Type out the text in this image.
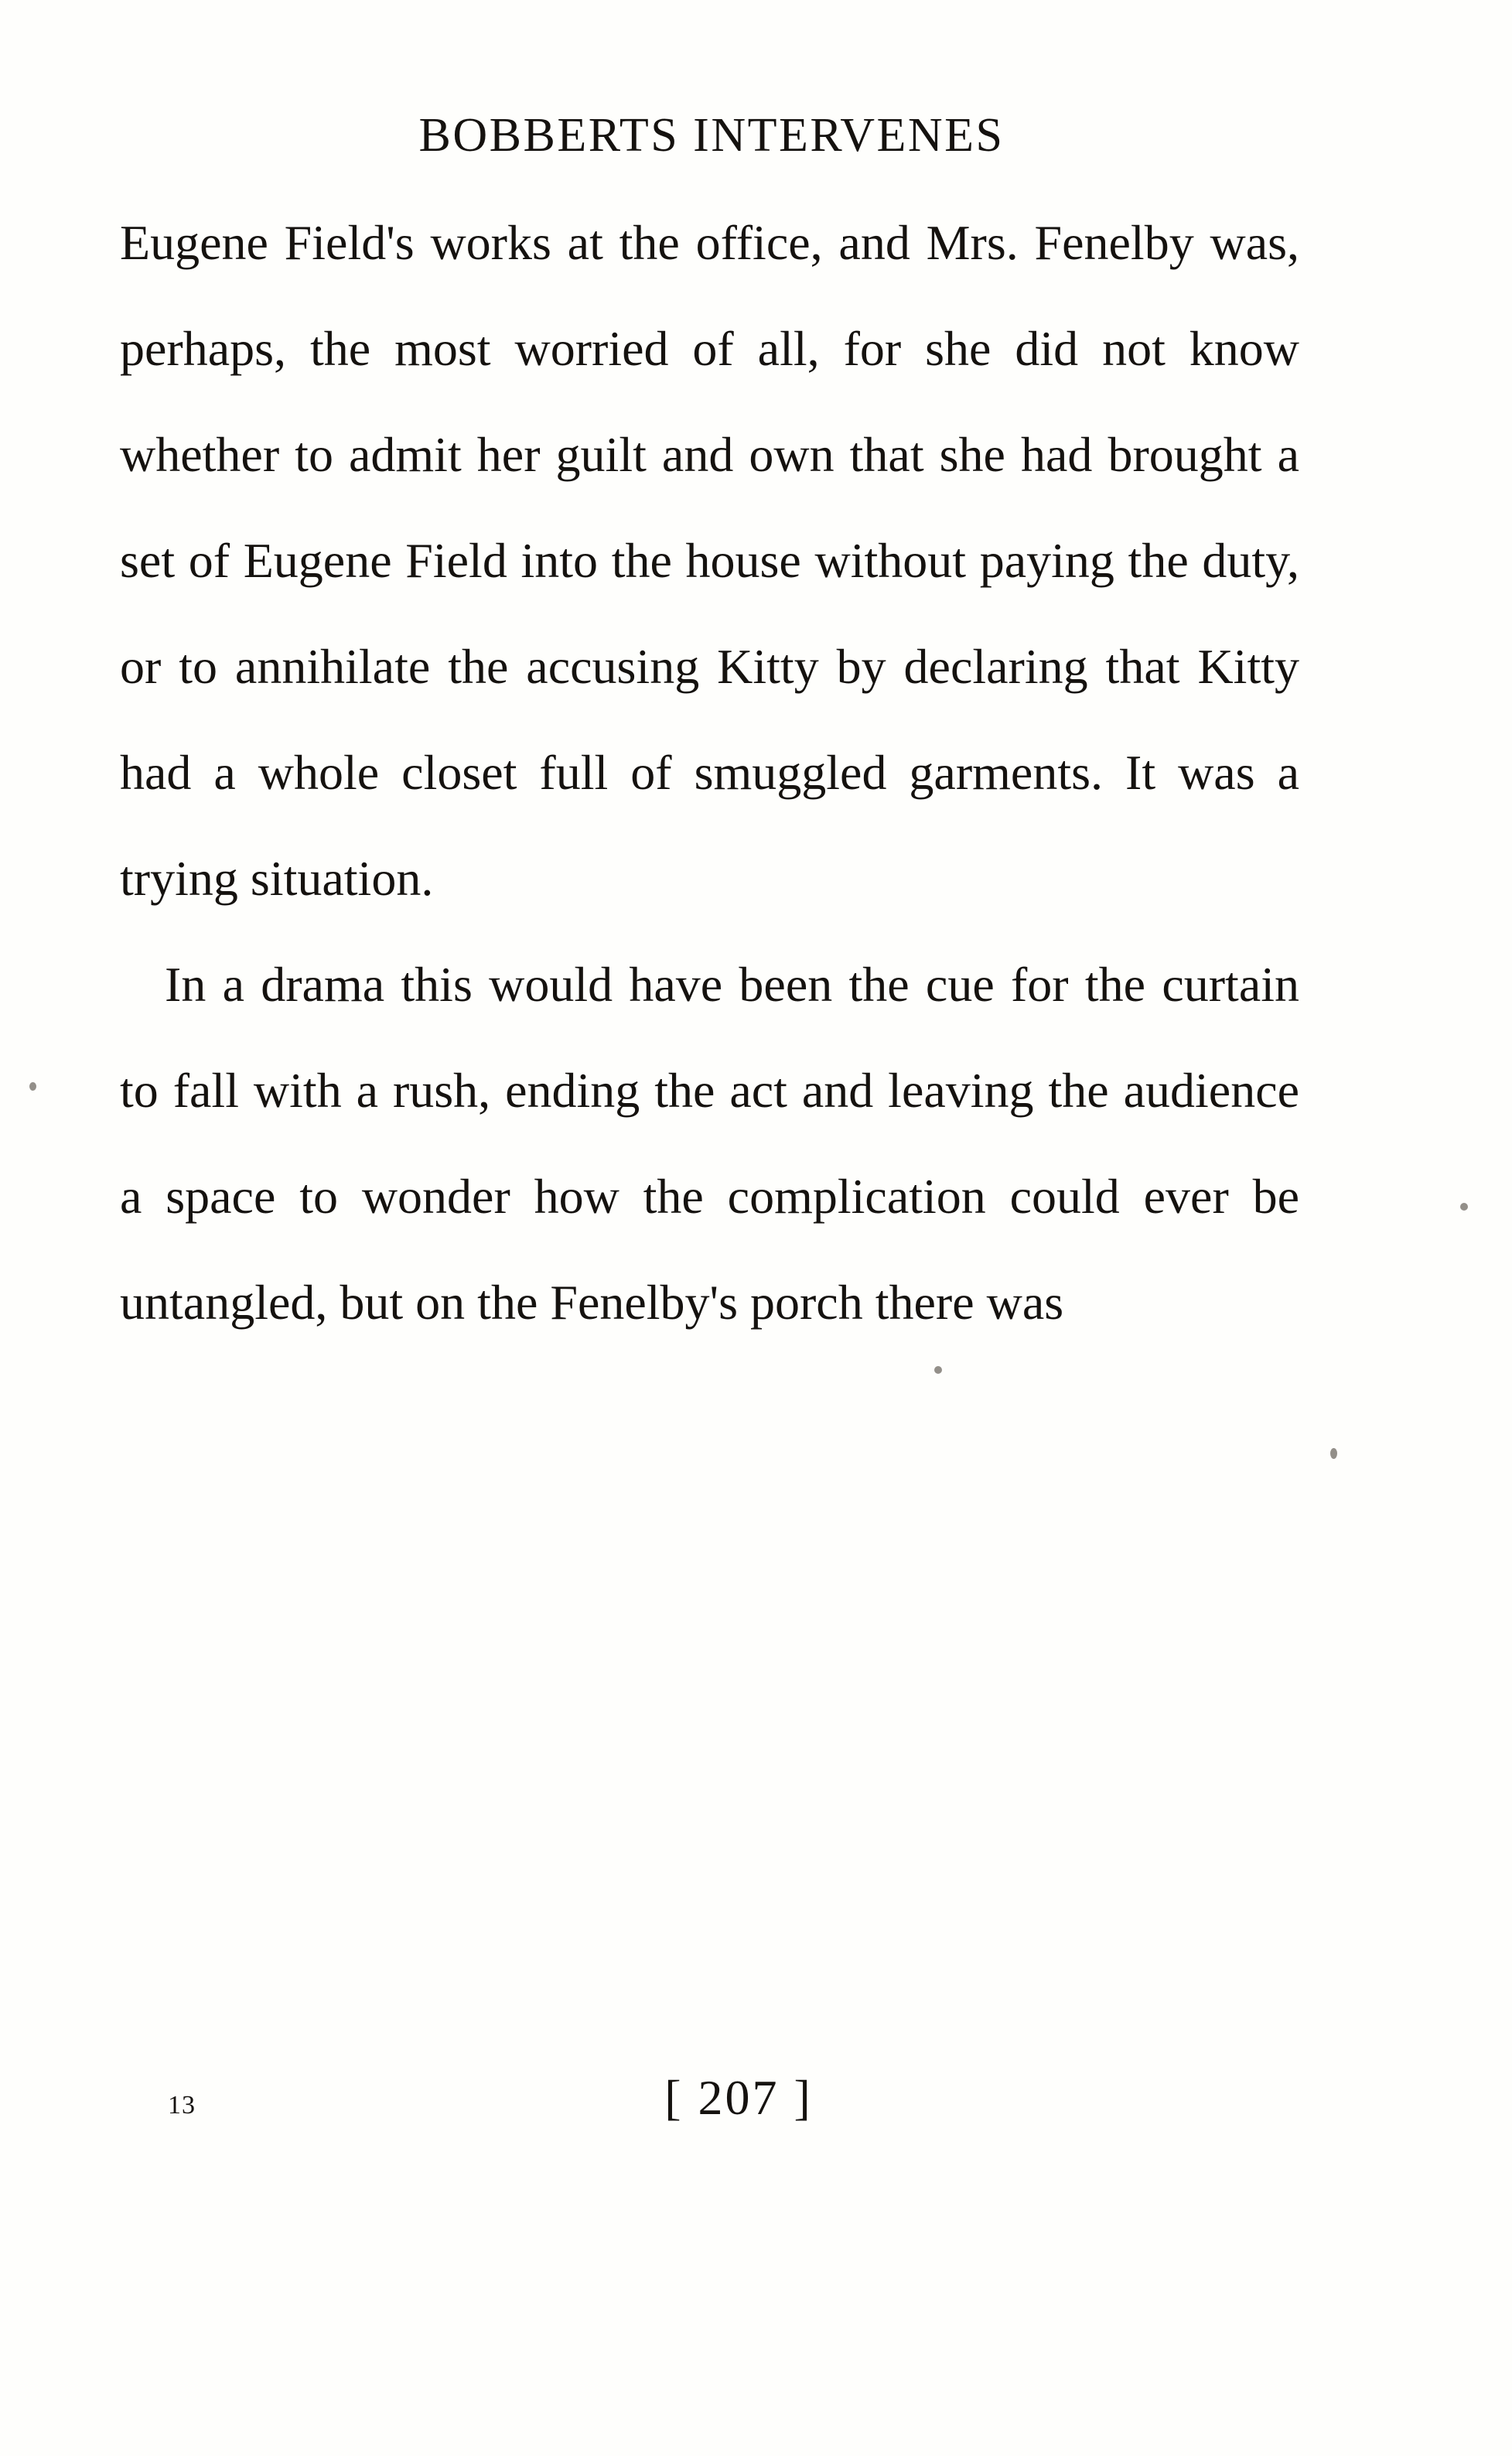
BOBBERTS INTERVENES

Eugene Field's works at the office, and Mrs. Fenelby was, perhaps, the most worried of all, for she did not know whether to admit her guilt and own that she had brought a set of Eugene Field into the house without paying the duty, or to annihilate the accusing Kitty by declaring that Kitty had a whole closet full of smuggled garments. It was a trying situation.

In a drama this would have been the cue for the curtain to fall with a rush, ending the act and leaving the audience a space to wonder how the complication could ever be untangled, but on the Fenelby's porch there was

13	[ 207 ]
